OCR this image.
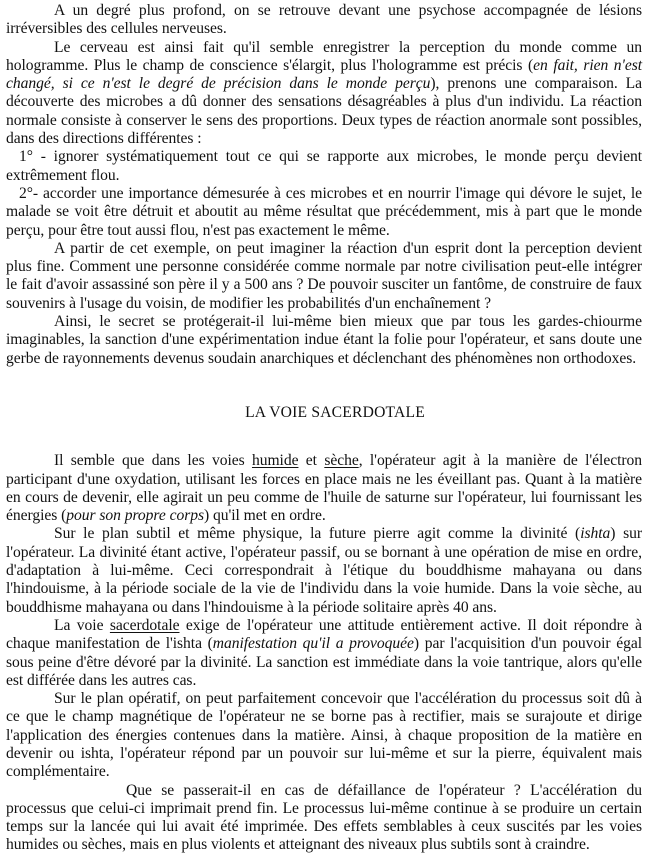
A un degré plus profond, on se retrouve devant une psychose accompagnée de lésions irréversibles des cellules nerveuses.

Le cerveau est ainsi fait qu'il semble enregistrer la perception du monde comme un hologramme. Plus le champ de conscience s'élargit, plus l'hologramme est précis (en fait, rien n'est changé, si ce n'est le degré de précision dans le monde perçu), prenons une comparaison. La découverte des microbes a dû donner des sensations désagréables à plus d'un individu. La réaction normale consiste à conserver le sens des proportions. Deux types de réaction anormale sont possibles, dans des directions différentes :

1° - ignorer systématiquement tout ce qui se rapporte aux microbes, le monde perçu devient extrêmement flou.

2°- accorder une importance démesurée à ces microbes et en nourrir l'image qui dévore le sujet, le malade se voit être détruit et aboutit au même résultat que précédemment, mis à part que le monde perçu, pour être tout aussi flou, n'est pas exactement le même.

A partir de cet exemple, on peut imaginer la réaction d'un esprit dont la perception devient plus fine. Comment une personne considérée comme normale par notre civilisation peut-elle intégrer le fait d'avoir assassiné son père il y a 500 ans ? De pouvoir susciter un fantôme, de construire de faux souvenirs à l'usage du voisin, de modifier les probabilités d'un enchaînement ?

Ainsi, le secret se protégerait-il lui-même bien mieux que par tous les gardes-chiourme imaginables, la sanction d'une expérimentation indue étant la folie pour l'opérateur, et sans doute une gerbe de rayonnements devenus soudain anarchiques et déclenchant des phénomènes non orthodoxes.

LA VOIE SACERDOTALE

Il semble que dans les voies humide et sèche, l'opérateur agit à la manière de l'électron participant d'une oxydation, utilisant les forces en place mais ne les éveillant pas. Quant à la matière en cours de devenir, elle agirait un peu comme de l'huile de saturne sur l'opérateur, lui fournissant les énergies (pour son propre corps) qu'il met en ordre.

Sur le plan subtil et même physique, la future pierre agit comme la divinité (ishta) sur l'opérateur. La divinité étant active, l'opérateur passif, ou se bornant à une opération de mise en ordre, d'adaptation à lui-même. Ceci correspondrait à l'étique du bouddhisme mahayana ou dans l'hindouisme, à la période sociale de la vie de l'individu dans la voie humide. Dans la voie sèche, au bouddhisme mahayana ou dans l'hindouisme à la période solitaire après 40 ans.

La voie sacerdotale exige de l'opérateur une attitude entièrement active. Il doit répondre à chaque manifestation de l'ishta (manifestation qu'il a provoquée) par l'acquisition d'un pouvoir égal sous peine d'être dévoré par la divinité. La sanction est immédiate dans la voie tantrique, alors qu'elle est différée dans les autres cas.

Sur le plan opératif, on peut parfaitement concevoir que l'accélération du processus soit dû à ce que le champ magnétique de l'opérateur ne se borne pas à rectifier, mais se surajoute et dirige l'application des énergies contenues dans la matière. Ainsi, à chaque proposition de la matière en devenir ou ishta, l'opérateur répond par un pouvoir sur lui-même et sur la pierre, équivalent mais complémentaire.

Que se passerait-il en cas de défaillance de l'opérateur ? L'accélération du processus que celui-ci imprimait prend fin. Le processus lui-même continue à se produire un certain temps sur la lancée qui lui avait été imprimée. Des effets semblables à ceux suscités par les voies humides ou sèches, mais en plus violents et atteignant des niveaux plus subtils sont à craindre.
